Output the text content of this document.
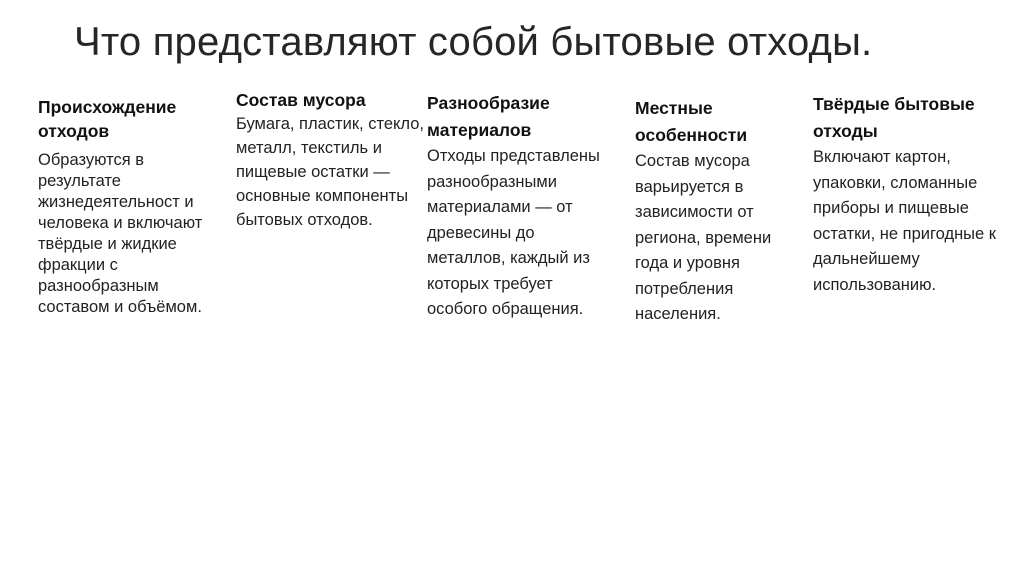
Что представляют собой бытовые отходы.
Происхождение отходов
Образуются в результате жизнедеятельност и человека и включают твёрдые и жидкие фракции с разнообразным составом и объёмом.
Состав мусора
Бумага, пластик, стекло, металл, текстиль и пищевые остатки — основные компоненты бытовых отходов.
Разнообразие материалов
Отходы представлены разнообразными материалами — от древесины до металлов, каждый из которых требует особого обращения.
Местные особенности
Состав мусора варьируется в зависимости от региона, времени года и уровня потребления населения.
Твёрдые бытовые отходы
Включают картон, упаковки, сломанные приборы и пищевые остатки, не пригодные к дальнейшему использованию.
